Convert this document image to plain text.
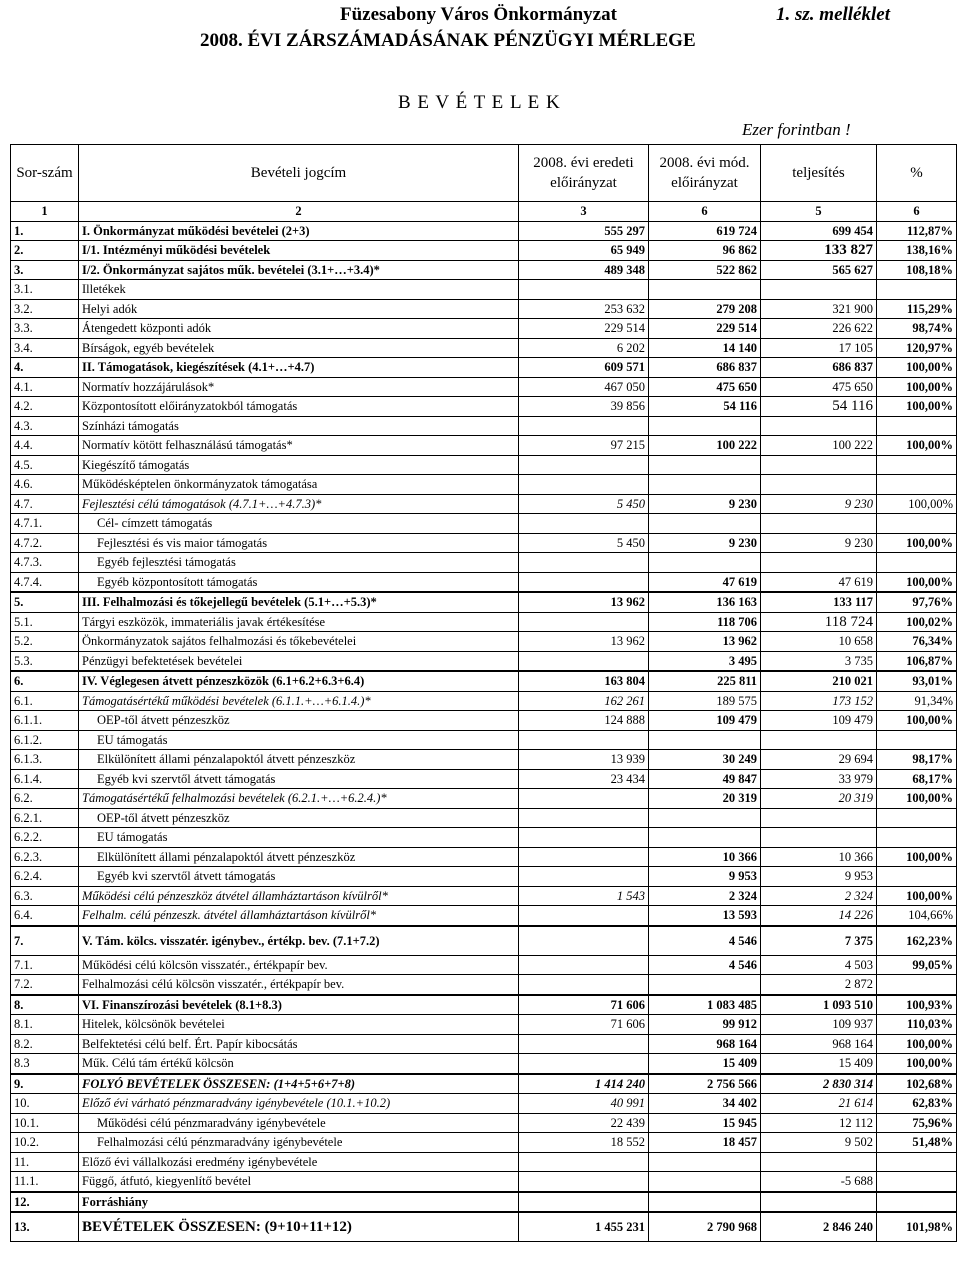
Füzesabony Város Önkormányzat	1. sz. melléklet
2008. ÉVI ZÁRSZÁMADÁSÁNAK PÉNZÜGYI MÉRLEGE
B E V É T E L E K
Ezer forintban !
Sor-szám	Bevételi jogcím	2008. évi eredeti előirányzat	2008. évi mód. előirányzat	teljesítés	%
1	2	3	6	5	6
1.	I. Önkormányzat működési bevételei (2+3)	555 297	619 724	699 454	112,87%
2.	I/1. Intézményi működési bevételek	65 949	96 862	133 827	138,16%
3.	I/2. Önkormányzat sajátos műk. bevételei (3.1+…+3.4)*	489 348	522 862	565 627	108,18%
3.1.	Illetékek				
3.2.	Helyi adók	253 632	279 208	321 900	115,29%
3.3.	Átengedett központi adók	229 514	229 514	226 622	98,74%
3.4.	Bírságok, egyéb bevételek	6 202	14 140	17 105	120,97%
4.	II. Támogatások, kiegészítések (4.1+…+4.7)	609 571	686 837	686 837	100,00%
4.1.	Normatív hozzájárulások*	467 050	475 650	475 650	100,00%
4.2.	Központosított előirányzatokból támogatás	39 856	54 116	54 116	100,00%
4.3.	Színházi támogatás				
4.4.	Normatív kötött felhasználású támogatás*	97 215	100 222	100 222	100,00%
4.5.	Kiegészítő támogatás				
4.6.	Működésképtelen önkormányzatok támogatása				
4.7.	Fejlesztési célú támogatások (4.7.1+…+4.7.3)*	5 450	9 230	9 230	100,00%
4.7.1.	Cél- címzett támogatás				
4.7.2.	Fejlesztési és vis maior támogatás	5 450	9 230	9 230	100,00%
4.7.3.	Egyéb fejlesztési támogatás				
4.7.4.	Egyéb központosított támogatás		47 619	47 619	100,00%
5.	III. Felhalmozási és tőkejellegű bevételek (5.1+…+5.3)*	13 962	136 163	133 117	97,76%
5.1.	Tárgyi eszközök, immateriális javak értékesítése		118 706	118 724	100,02%
5.2.	Önkormányzatok sajátos felhalmozási és tőkebevételei	13 962	13 962	10 658	76,34%
5.3.	Pénzügyi befektetések bevételei		3 495	3 735	106,87%
6.	IV. Véglegesen átvett pénzeszközök (6.1+6.2+6.3+6.4)	163 804	225 811	210 021	93,01%
6.1.	Támogatásértékű működési bevételek (6.1.1.+…+6.1.4.)*	162 261	189 575	173 152	91,34%
6.1.1.	OEP-től átvett pénzeszköz	124 888	109 479	109 479	100,00%
6.1.2.	EU támogatás				
6.1.3.	Elkülönített állami pénzalapoktól átvett pénzeszköz	13 939	30 249	29 694	98,17%
6.1.4.	Egyéb kvi szervtől átvett támogatás	23 434	49 847	33 979	68,17%
6.2.	Támogatásértékű felhalmozási bevételek (6.2.1.+…+6.2.4.)*		20 319	20 319	100,00%
6.2.1.	OEP-től átvett pénzeszköz				
6.2.2.	EU támogatás				
6.2.3.	Elkülönített állami pénzalapoktól átvett pénzeszköz		10 366	10 366	100,00%
6.2.4.	Egyéb kvi szervtől átvett támogatás		9 953	9 953	
6.3.	Működési célú pénzeszköz átvétel államháztartáson kívülről*	1 543	2 324	2 324	100,00%
6.4.	Felhalm. célú pénzeszk. átvétel államháztartáson kívülről*		13 593	14 226	104,66%
7.	V. Tám. kölcs. visszatér. igénybev., értékp. bev. (7.1+7.2)		4 546	7 375	162,23%
7.1.	Működési célú kölcsön visszatér., értékpapír bev.		4 546	4 503	99,05%
7.2.	Felhalmozási célú kölcsön visszatér., értékpapír bev.			2 872	
8.	VI. Finanszírozási bevételek (8.1+8.3)	71 606	1 083 485	1 093 510	100,93%
8.1.	Hitelek, kölcsönök bevételei	71 606	99 912	109 937	110,03%
8.2.	Belfektetési célú belf. Ért. Papír kibocsátás		968 164	968 164	100,00%
8.3	Műk. Célú tám értékű kölcsön		15 409	15 409	100,00%
9.	FOLYÓ BEVÉTELEK ÖSSZESEN: (1+4+5+6+7+8)	1 414 240	2 756 566	2 830 314	102,68%
10.	Előző évi várható pénzmaradvány igénybevétele (10.1.+10.2)	40 991	34 402	21 614	62,83%
10.1.	Működési célú pénzmaradvány igénybevétele	22 439	15 945	12 112	75,96%
10.2.	Felhalmozási célú pénzmaradvány igénybevétele	18 552	18 457	9 502	51,48%
11.	Előző évi vállalkozási eredmény igénybevétele				
11.1.	Függő, átfutó, kiegyenlítő bevétel			-5 688	
12.	Forráshiány				
13.	BEVÉTELEK ÖSSZESEN: (9+10+11+12)	1 455 231	2 790 968	2 846 240	101,98%
